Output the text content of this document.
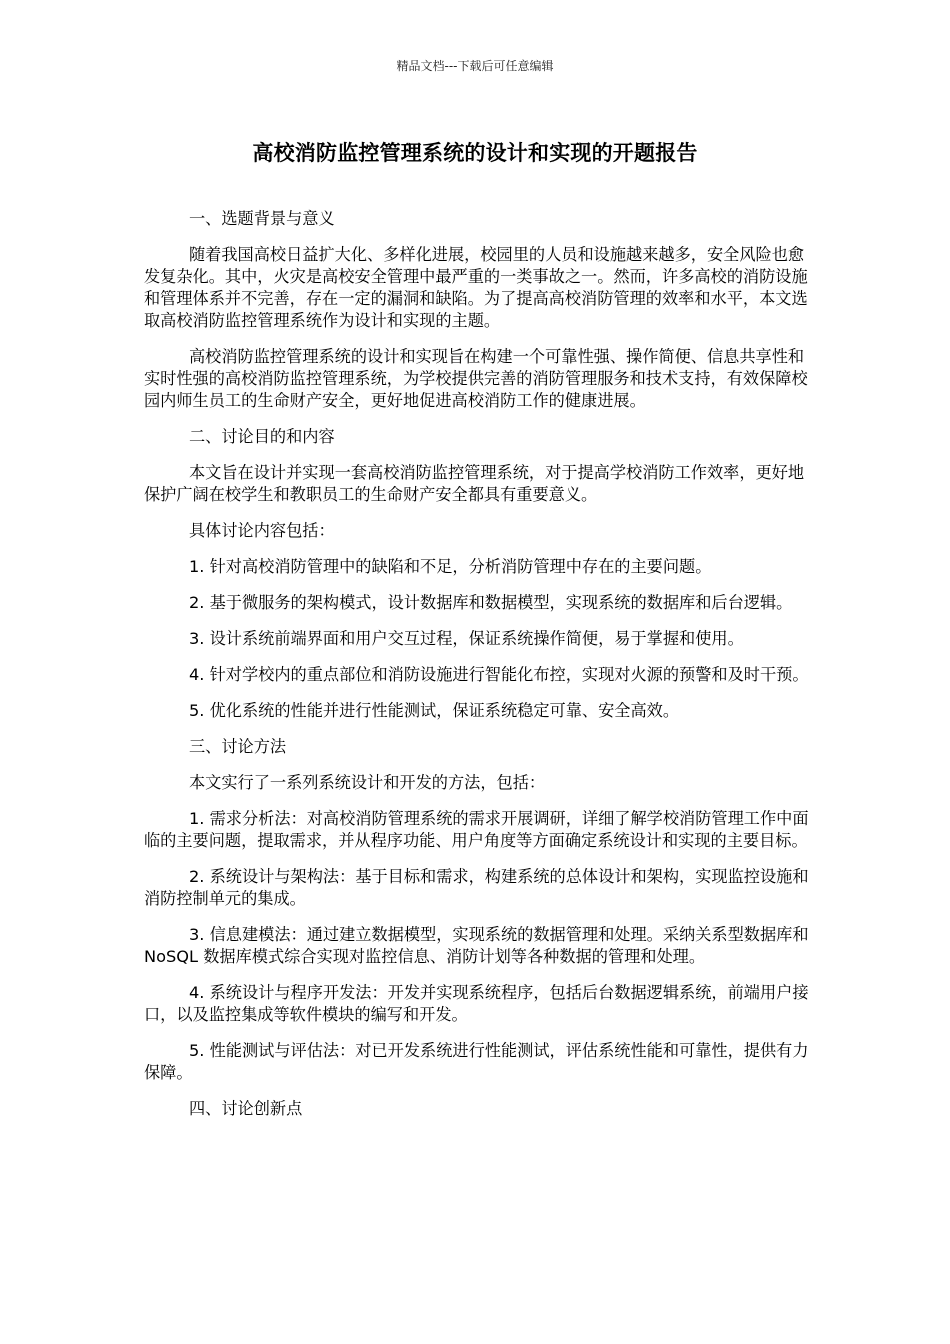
精品文档---下载后可任意编辑
高校消防监控管理系统的设计和实现的开题报告

一、选题背景与意义

随着我国高校日益扩大化、多样化进展，校园里的人员和设施越来越多，安全风险也愈发复杂化。其中，火灾是高校安全管理中最严重的一类事故之一。然而，许多高校的消防设施和管理体系并不完善，存在一定的漏洞和缺陷。为了提高高校消防管理的效率和水平，本文选取高校消防监控管理系统作为设计和实现的主题。

高校消防监控管理系统的设计和实现旨在构建一个可靠性强、操作简便、信息共享性和实时性强的高校消防监控管理系统，为学校提供完善的消防管理服务和技术支持，有效保障校园内师生员工的生命财产安全，更好地促进高校消防工作的健康进展。

二、讨论目的和内容

本文旨在设计并实现一套高校消防监控管理系统，对于提高学校消防工作效率，更好地保护广阔在校学生和教职员工的生命财产安全都具有重要意义。

具体讨论内容包括：

1. 针对高校消防管理中的缺陷和不足，分析消防管理中存在的主要问题。

2. 基于微服务的架构模式，设计数据库和数据模型，实现系统的数据库和后台逻辑。

3. 设计系统前端界面和用户交互过程，保证系统操作简便，易于掌握和使用。

4. 针对学校内的重点部位和消防设施进行智能化布控，实现对火源的预警和及时干预。

5. 优化系统的性能并进行性能测试，保证系统稳定可靠、安全高效。

三、讨论方法

本文实行了一系列系统设计和开发的方法，包括：

1. 需求分析法：对高校消防管理系统的需求开展调研，详细了解学校消防管理工作中面临的主要问题，提取需求，并从程序功能、用户角度等方面确定系统设计和实现的主要目标。

2. 系统设计与架构法：基于目标和需求，构建系统的总体设计和架构，实现监控设施和消防控制单元的集成。

3. 信息建模法：通过建立数据模型，实现系统的数据管理和处理。采纳关系型数据库和 NoSQL 数据库模式综合实现对监控信息、消防计划等各种数据的管理和处理。

4. 系统设计与程序开发法：开发并实现系统程序，包括后台数据逻辑系统，前端用户接口，以及监控集成等软件模块的编写和开发。

5. 性能测试与评估法：对已开发系统进行性能测试，评估系统性能和可靠性，提供有力保障。

四、讨论创新点
